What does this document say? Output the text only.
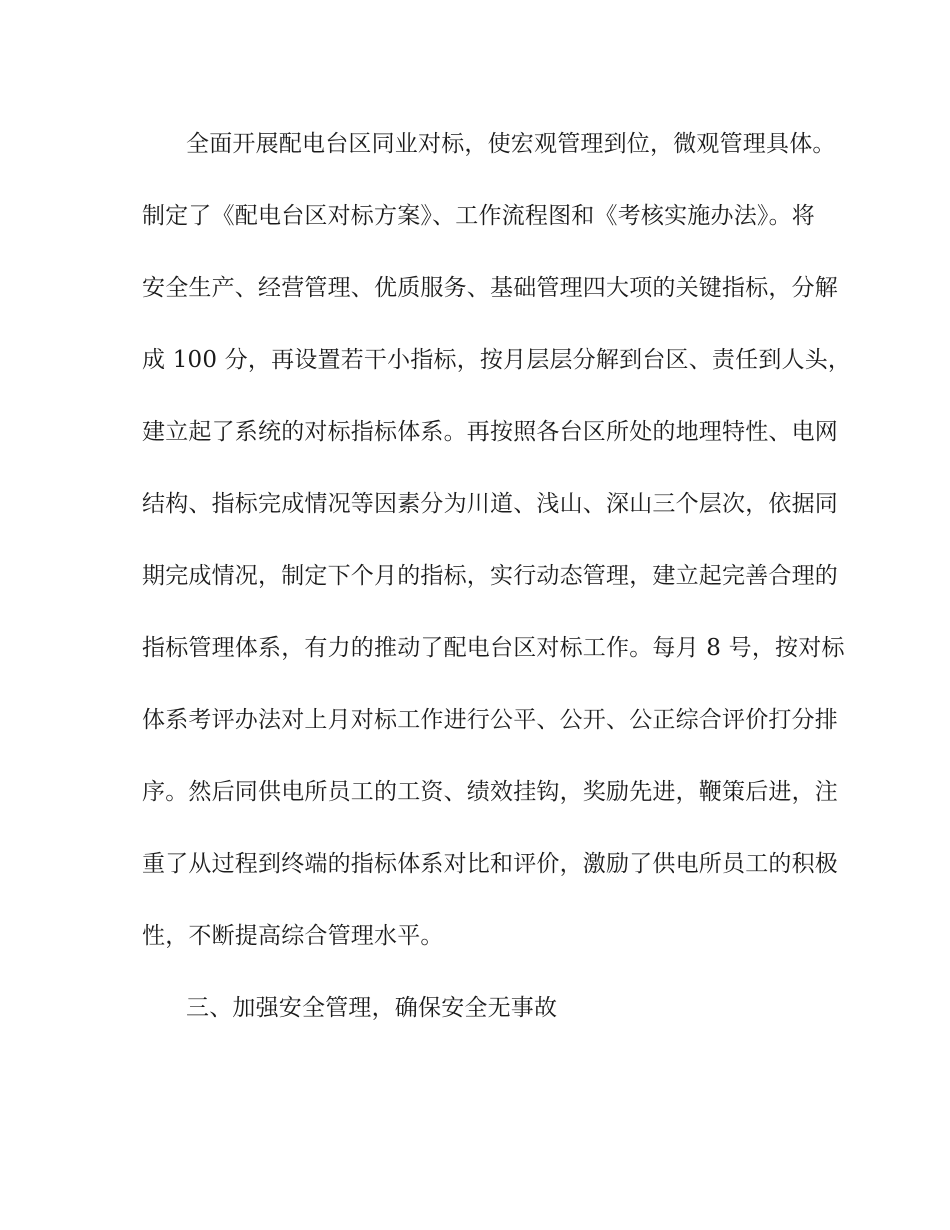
全面开展配电台区同业对标，使宏观管理到位，微观管理具体。
制定了《配电台区对标方案》、工作流程图和《考核实施办法》。将
安全生产、经营管理、优质服务、基础管理四大项的关键指标，分解
成 100 分，再设置若干小指标，按月层层分解到台区、责任到人头，
建立起了系统的对标指标体系。再按照各台区所处的地理特性、电网
结构、指标完成情况等因素分为川道、浅山、深山三个层次，依据同
期完成情况，制定下个月的指标，实行动态管理，建立起完善合理的
指标管理体系，有力的推动了配电台区对标工作。每月 8 号，按对标
体系考评办法对上月对标工作进行公平、公开、公正综合评价打分排
序。然后同供电所员工的工资、绩效挂钩，奖励先进，鞭策后进，注
重了从过程到终端的指标体系对比和评价，激励了供电所员工的积极
性，不断提高综合管理水平。
三、加强安全管理，确保安全无事故
